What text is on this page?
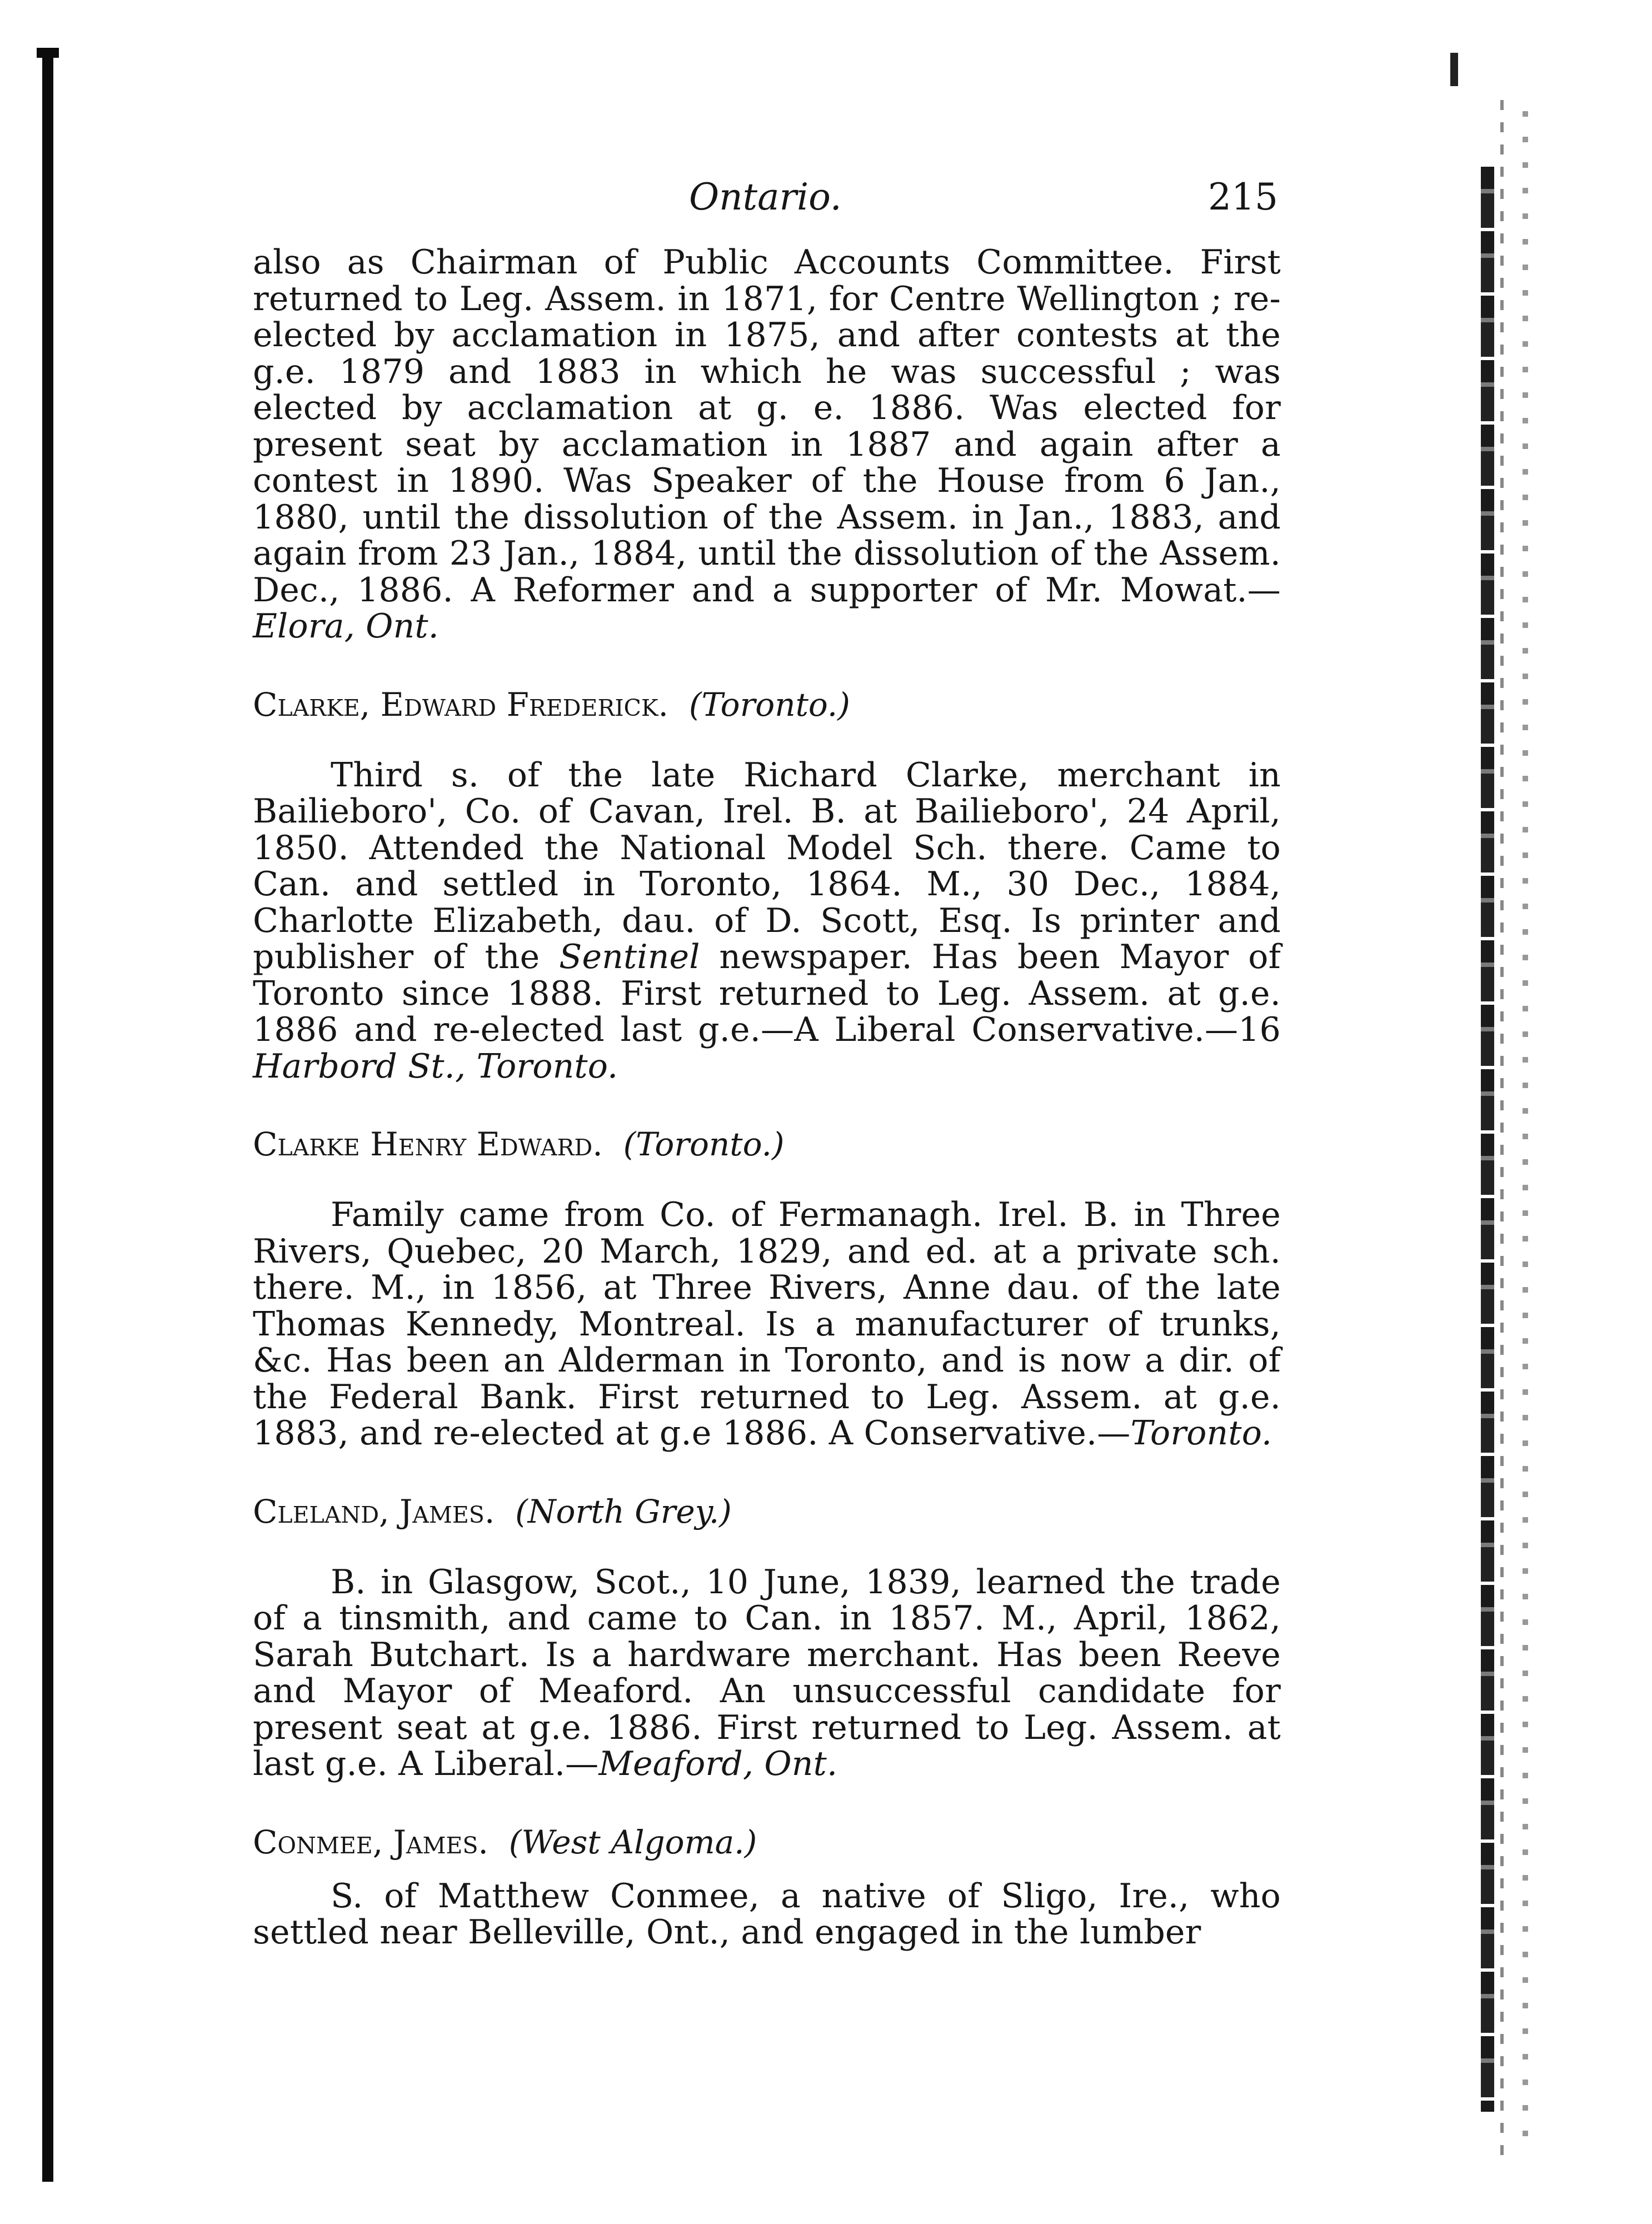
Ontario.	215

also as Chairman of Public Accounts Committee. First returned to Leg. Assem. in 1871, for Centre Wellington ; re-elected by acclamation in 1875, and after contests at the g.e. 1879 and 1883 in which he was successful ; was elected by acclamation at g. e. 1886. Was elected for present seat by acclamation in 1887 and again after a contest in 1890. Was Speaker of the House from 6 Jan., 1880, until the dissolution of the Assem. in Jan., 1883, and again from 23 Jan., 1884, until the dissolution of the Assem. Dec., 1886. A Reformer and a supporter of Mr. Mowat.—Elora, Ont.

Clarke, Edward Frederick. (Toronto.)

Third s. of the late Richard Clarke, merchant in Bailieboro', Co. of Cavan, Irel. B. at Bailieboro', 24 April, 1850. Attended the National Model Sch. there. Came to Can. and settled in Toronto, 1864. M., 30 Dec., 1884, Charlotte Elizabeth, dau. of D. Scott, Esq. Is printer and publisher of the Sentinel newspaper. Has been Mayor of Toronto since 1888. First returned to Leg. Assem. at g.e. 1886 and re-elected last g.e.—A Liberal Conservative.—16 Harbord St., Toronto.

Clarke Henry Edward. (Toronto.)

Family came from Co. of Fermanagh. Irel. B. in Three Rivers, Quebec, 20 March, 1829, and ed. at a private sch. there. M., in 1856, at Three Rivers, Anne dau. of the late Thomas Kennedy, Montreal. Is a manufacturer of trunks, &c. Has been an Alderman in Toronto, and is now a dir. of the Federal Bank. First returned to Leg. Assem. at g.e. 1883, and re-elected at g.e 1886. A Conservative.—Toronto.

Cleland, James. (North Grey.)

B. in Glasgow, Scot., 10 June, 1839, learned the trade of a tinsmith, and came to Can. in 1857. M., April, 1862, Sarah Butchart. Is a hardware merchant. Has been Reeve and Mayor of Meaford. An unsuccessful candidate for present seat at g.e. 1886. First returned to Leg. Assem. at last g.e. A Liberal.—Meaford, Ont.

Conmee, James. (West Algoma.)

S. of Matthew Conmee, a native of Sligo, Ire., who settled near Belleville, Ont., and engaged in the lumber
